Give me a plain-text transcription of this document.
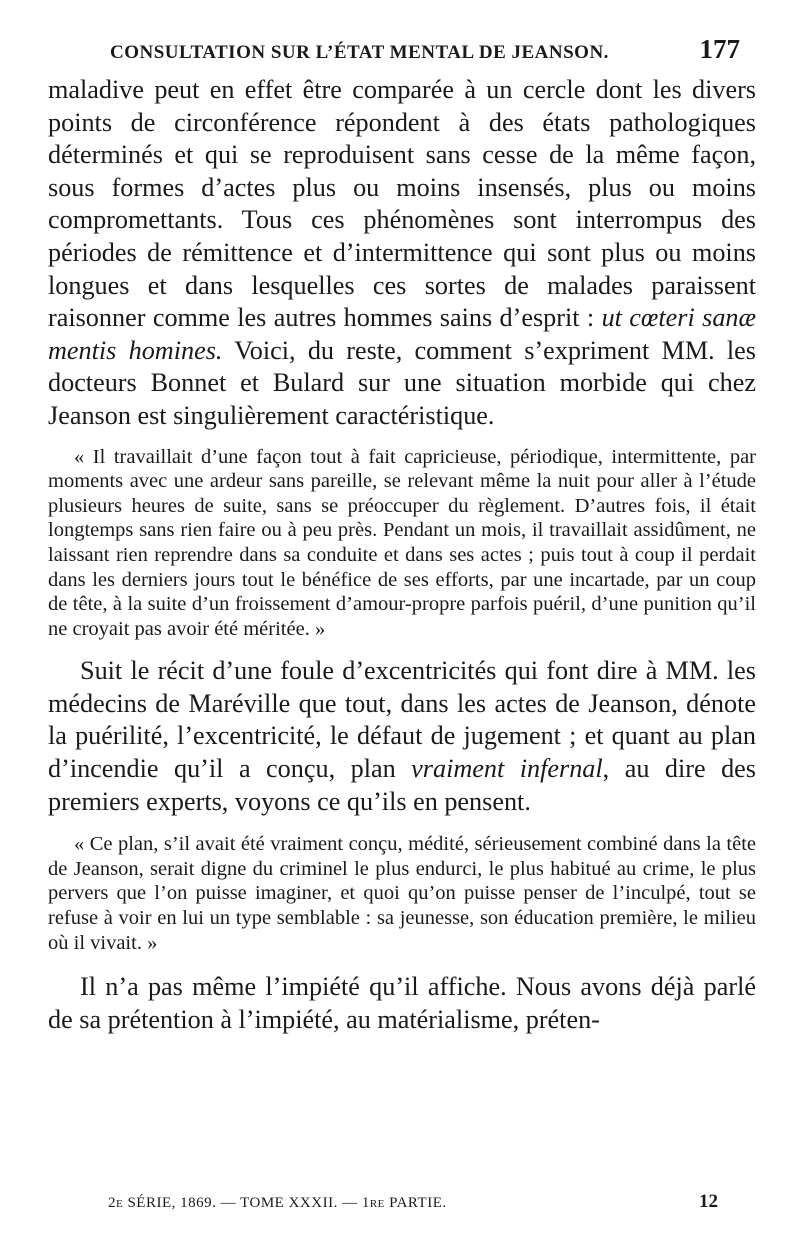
CONSULTATION SUR L’ÉTAT MENTAL DE JEANSON.	177

maladive peut en effet être comparée à un cercle dont les divers points de circonférence répondent à des états pathologiques déterminés et qui se reproduisent sans cesse de la même façon, sous formes d’actes plus ou moins insensés, plus ou moins compromettants. Tous ces phénomènes sont interrompus des périodes de rémittence et d’intermittence qui sont plus ou moins longues et dans lesquelles ces sortes de malades paraissent raisonner comme les autres hommes sains d’esprit : ut cœteri sanæ mentis homines. Voici, du reste, comment s’expriment MM. les docteurs Bonnet et Bulard sur une situation morbide qui chez Jeanson est singulièrement caractéristique.

« Il travaillait d’une façon tout à fait capricieuse, périodique, intermittente, par moments avec une ardeur sans pareille, se relevant même la nuit pour aller à l’étude plusieurs heures de suite, sans se préoccuper du règlement. D’autres fois, il était longtemps sans rien faire ou à peu près. Pendant un mois, il travaillait assidûment, ne laissant rien reprendre dans sa conduite et dans ses actes ; puis tout à coup il perdait dans les derniers jours tout le bénéfice de ses efforts, par une incartade, par un coup de tête, à la suite d’un froissement d’amour-propre parfois puéril, d’une punition qu’il ne croyait pas avoir été méritée. »

Suit le récit d’une foule d’excentricités qui font dire à MM. les médecins de Maréville que tout, dans les actes de Jeanson, dénote la puérilité, l’excentricité, le défaut de jugement ; et quant au plan d’incendie qu’il a conçu, plan vraiment infernal, au dire des premiers experts, voyons ce qu’ils en pensent.

« Ce plan, s’il avait été vraiment conçu, médité, sérieusement combiné dans la tête de Jeanson, serait digne du criminel le plus endurci, le plus habitué au crime, le plus pervers que l’on puisse imaginer, et quoi qu’on puisse penser de l’inculpé, tout se refuse à voir en lui un type semblable : sa jeunesse, son éducation première, le milieu où il vivait. »

Il n’a pas même l’impiété qu’il affiche. Nous avons déjà parlé de sa prétention à l’impiété, au matérialisme, préten-

2e SÉRIE, 1869. — TOME XXXII. — 1re PARTIE.	12
